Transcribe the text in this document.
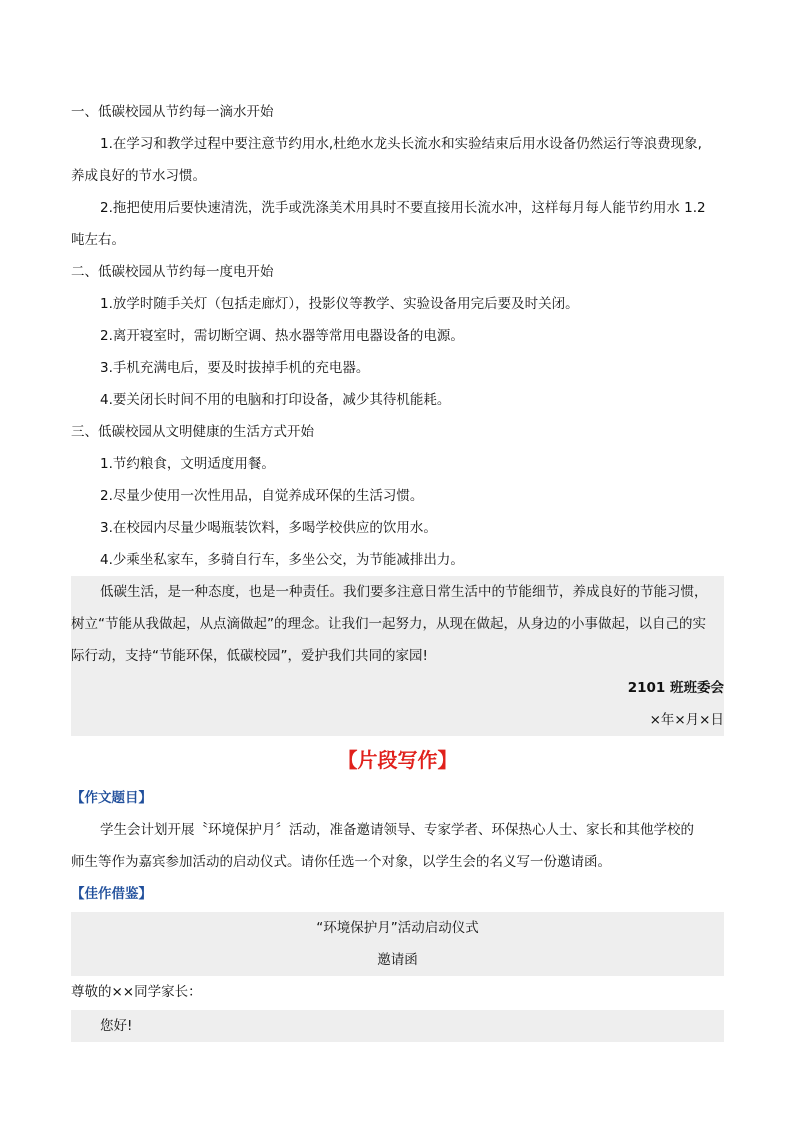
一、低碳校园从节约每一滴水开始
1.在学习和教学过程中要注意节约用水,杜绝水龙头长流水和实验结束后用水设备仍然运行等浪费现象,
养成良好的节水习惯。
2.拖把使用后要快速清洗，洗手或洗涤美术用具时不要直接用长流水冲，这样每月每人能节约用水 1.2
吨左右。
二、低碳校园从节约每一度电开始
1.放学时随手关灯（包括走廊灯），投影仪等教学、实验设备用完后要及时关闭。
2.离开寝室时，需切断空调、热水器等常用电器设备的电源。
3.手机充满电后，要及时拔掉手机的充电器。
4.要关闭长时间不用的电脑和打印设备，减少其待机能耗。
三、低碳校园从文明健康的生活方式开始
1.节约粮食，文明适度用餐。
2.尽量少使用一次性用品，自觉养成环保的生活习惯。
3.在校园内尽量少喝瓶装饮料，多喝学校供应的饮用水。
4.少乘坐私家车，多骑自行车，多坐公交，为节能减排出力。
低碳生活，是一种态度，也是一种责任。我们要多注意日常生活中的节能细节，养成良好的节能习惯，
树立“节能从我做起，从点滴做起”的理念。让我们一起努力，从现在做起，从身边的小事做起，以自己的实
际行动，支持“节能环保，低碳校园”，爱护我们共同的家园!
2101 班班委会
×年×月×日
【片段写作】
【作文题目】
学生会计划开展〝环境保护月〞活动，准备邀请领导、专家学者、环保热心人士、家长和其他学校的
师生等作为嘉宾参加活动的启动仪式。请你任选一个对象，以学生会的名义写一份邀请函。
【佳作借鉴】
“环境保护月”活动启动仪式
邀请函
尊敬的××同学家长：
您好!
